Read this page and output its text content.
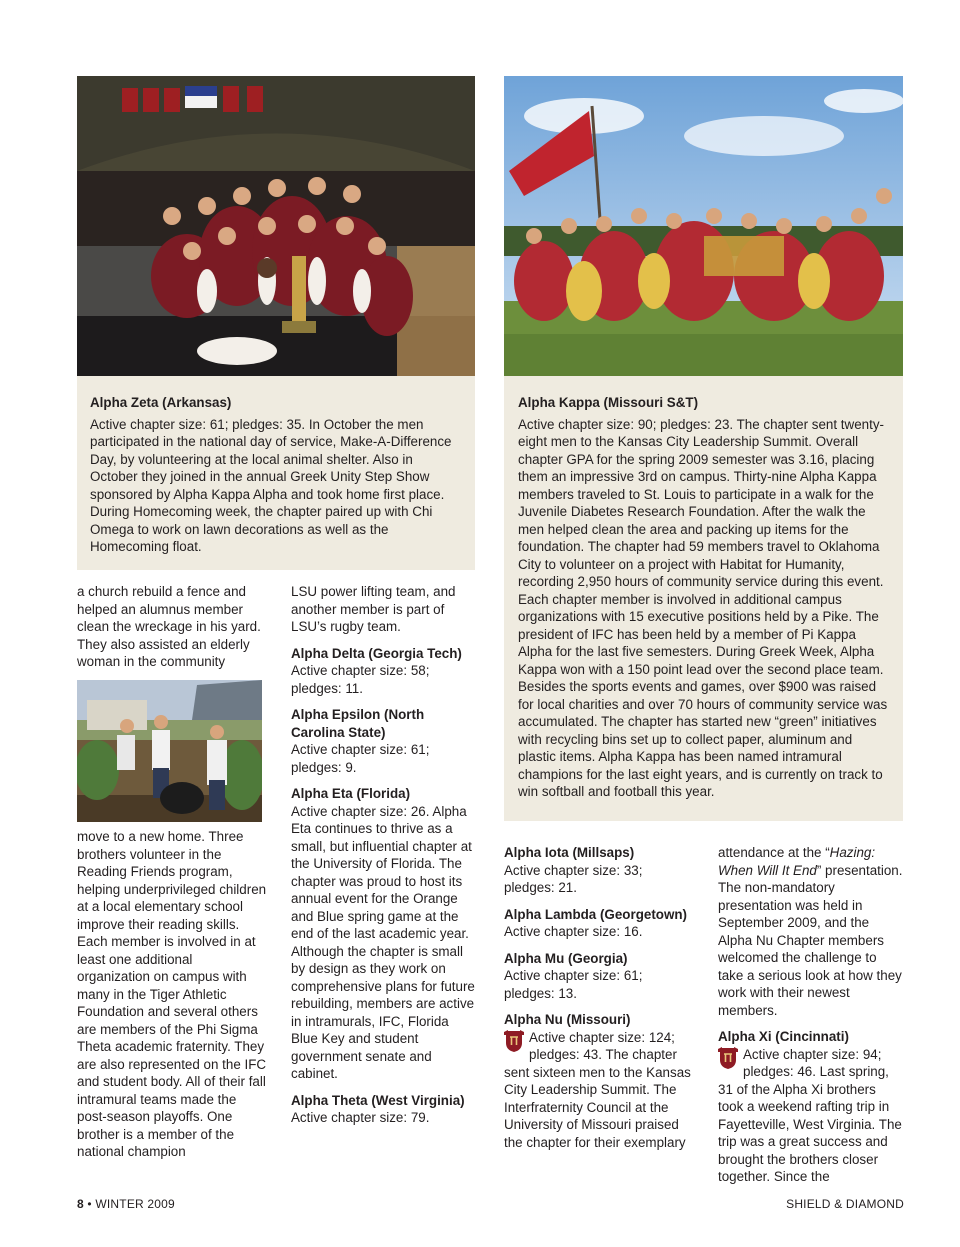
Alpha Zeta (Arkansas)

Active chapter size: 61; pledges: 35. In October the men participated in the national day of service, Make-A-Difference Day, by volunteering at the local animal shelter. Also in October they joined in the annual Greek Unity Step Show sponsored by Alpha Kappa Alpha and took home first place. During Homecoming week, the chapter paired up with Chi Omega to work on lawn decorations as well as the Homecoming float.

Alpha Kappa (Missouri S&T)

Active chapter size: 90; pledges: 23. The chapter sent twenty-eight men to the Kansas City Leadership Summit. Overall chapter GPA for the spring 2009 semester was 3.16, placing them an impressive 3rd on campus. Thirty-nine Alpha Kappa members traveled to St. Louis to participate in a walk for the Juvenile Diabetes Research Foundation. After the walk the men helped clean the area and packing up items for the foundation. The chapter had 59 members travel to Oklahoma City to volunteer on a project with Habitat for Humanity, recording 2,950 hours of community service during this event. Each chapter member is involved in additional campus organizations with 15 executive positions held by a Pike. The president of IFC has been held by a member of Pi Kappa Alpha for the last five semesters. During Greek Week, Alpha Kappa won with a 150 point lead over the second place team. Besides the sports events and games, over $900 was raised for local charities and over 70 hours of community service was accumulated. The chapter has started new “green” initiatives with recycling bins set up to collect paper, aluminum and plastic items. Alpha Kappa has been named intramural champions for the last eight years, and is currently on track to win softball and football this year.

a church rebuild a fence and helped an alumnus member clean the wreckage in his yard. They also assisted an elderly woman in the community

move to a new home. Three brothers volunteer in the Reading Friends program, helping underprivileged children at a local elementary school improve their reading skills. Each member is involved in at least one additional organization on campus with many in the Tiger Athletic Foundation and several others are members of the Phi Sigma Theta academic fraternity. They are also represented on the IFC and student body. All of their fall intramural teams made the post-season playoffs. One brother is a member of the national champion

LSU power lifting team, and another member is part of LSU’s rugby team.

Alpha Delta (Georgia Tech)

Active chapter size: 58; pledges: 11.

Alpha Epsilon (North Carolina State)

Active chapter size: 61; pledges: 9.

Alpha Eta (Florida)

Active chapter size: 26. Alpha Eta continues to thrive as a small, but influential chapter at the University of Florida. The chapter was proud to host its annual event for the Orange and Blue spring game at the end of the last academic year. Although the chapter is small by design as they work on comprehensive plans for future rebuilding, members are active in intramurals, IFC, Florida Blue Key and student government senate and cabinet.

Alpha Theta (West Virginia)

Active chapter size: 79.

Alpha Iota (Millsaps)

Active chapter size: 33; pledges: 21.

Alpha Lambda (Georgetown)

Active chapter size: 16.

Alpha Mu (Georgia)

Active chapter size: 61; pledges: 13.

Alpha Nu (Missouri)

Active chapter size: 124; pledges: 43. The chapter sent sixteen men to the Kansas City Leadership Summit. The Interfraternity Council at the University of Missouri praised the chapter for their exemplary

attendance at the “Hazing: When Will It End” presentation. The non-mandatory presentation was held in September 2009, and the Alpha Nu Chapter members welcomed the challenge to take a serious look at how they work with their newest members.

Alpha Xi (Cincinnati)

Active chapter size: 94; pledges: 46. Last spring, 31 of the Alpha Xi brothers took a weekend rafting trip in Fayetteville, West Virginia. The trip was a great success and brought the brothers closer together. Since the

8 • WINTER 2009	SHIELD & DIAMOND
